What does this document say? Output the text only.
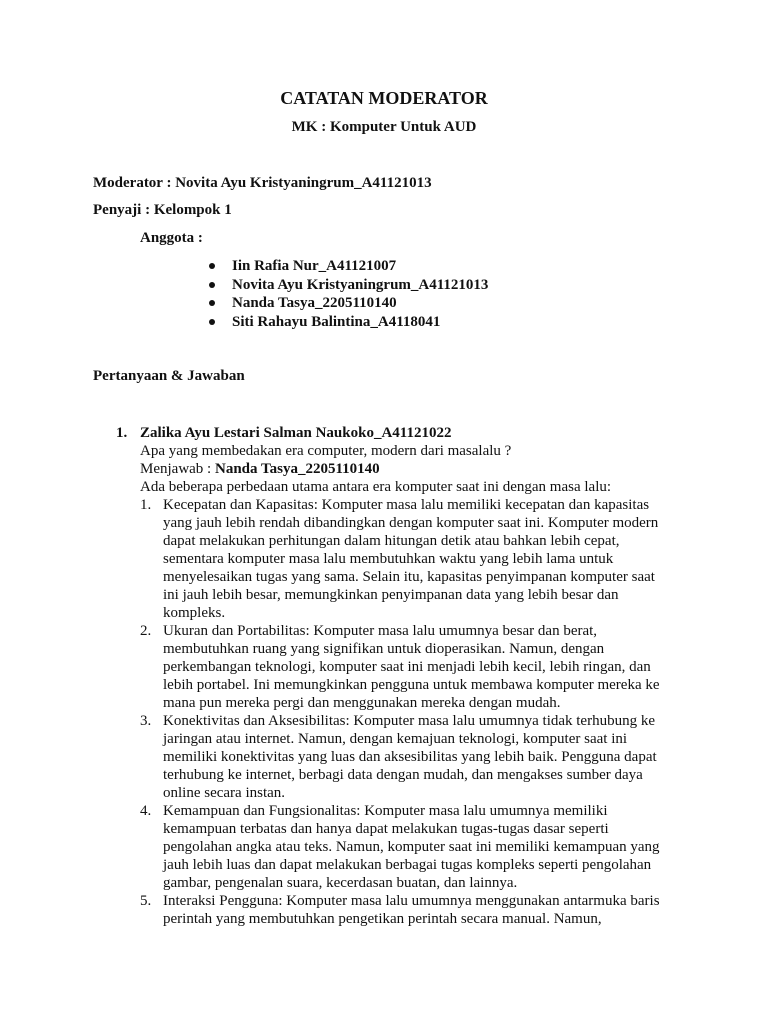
CATATAN MODERATOR
MK : Komputer Untuk AUD
Moderator : Novita Ayu Kristyaningrum_A41121013
Penyaji : Kelompok 1
Anggota :
Iin Rafia Nur_A41121007
Novita Ayu Kristyaningrum_A41121013
Nanda Tasya_2205110140
Siti Rahayu Balintina_A4118041
Pertanyaan & Jawaban
1. Zalika Ayu Lestari Salman Naukoko_A41121022
Apa yang membedakan era computer, modern dari masalalu ?
Menjawab : Nanda Tasya_2205110140
Ada beberapa perbedaan utama antara era komputer saat ini dengan masa lalu:
1. Kecepatan dan Kapasitas: Komputer masa lalu memiliki kecepatan dan kapasitas
yang jauh lebih rendah dibandingkan dengan komputer saat ini. Komputer modern
dapat melakukan perhitungan dalam hitungan detik atau bahkan lebih cepat,
sementara komputer masa lalu membutuhkan waktu yang lebih lama untuk
menyelesaikan tugas yang sama. Selain itu, kapasitas penyimpanan komputer saat
ini jauh lebih besar, memungkinkan penyimpanan data yang lebih besar dan
kompleks.
2. Ukuran dan Portabilitas: Komputer masa lalu umumnya besar dan berat,
membutuhkan ruang yang signifikan untuk dioperasikan. Namun, dengan
perkembangan teknologi, komputer saat ini menjadi lebih kecil, lebih ringan, dan
lebih portabel. Ini memungkinkan pengguna untuk membawa komputer mereka ke
mana pun mereka pergi dan menggunakan mereka dengan mudah.
3. Konektivitas dan Aksesibilitas: Komputer masa lalu umumnya tidak terhubung ke
jaringan atau internet. Namun, dengan kemajuan teknologi, komputer saat ini
memiliki konektivitas yang luas dan aksesibilitas yang lebih baik. Pengguna dapat
terhubung ke internet, berbagi data dengan mudah, dan mengakses sumber daya
online secara instan.
4. Kemampuan dan Fungsionalitas: Komputer masa lalu umumnya memiliki
kemampuan terbatas dan hanya dapat melakukan tugas-tugas dasar seperti
pengolahan angka atau teks. Namun, komputer saat ini memiliki kemampuan yang
jauh lebih luas dan dapat melakukan berbagai tugas kompleks seperti pengolahan
gambar, pengenalan suara, kecerdasan buatan, dan lainnya.
5. Interaksi Pengguna: Komputer masa lalu umumnya menggunakan antarmuka baris
perintah yang membutuhkan pengetikan perintah secara manual. Namun,
